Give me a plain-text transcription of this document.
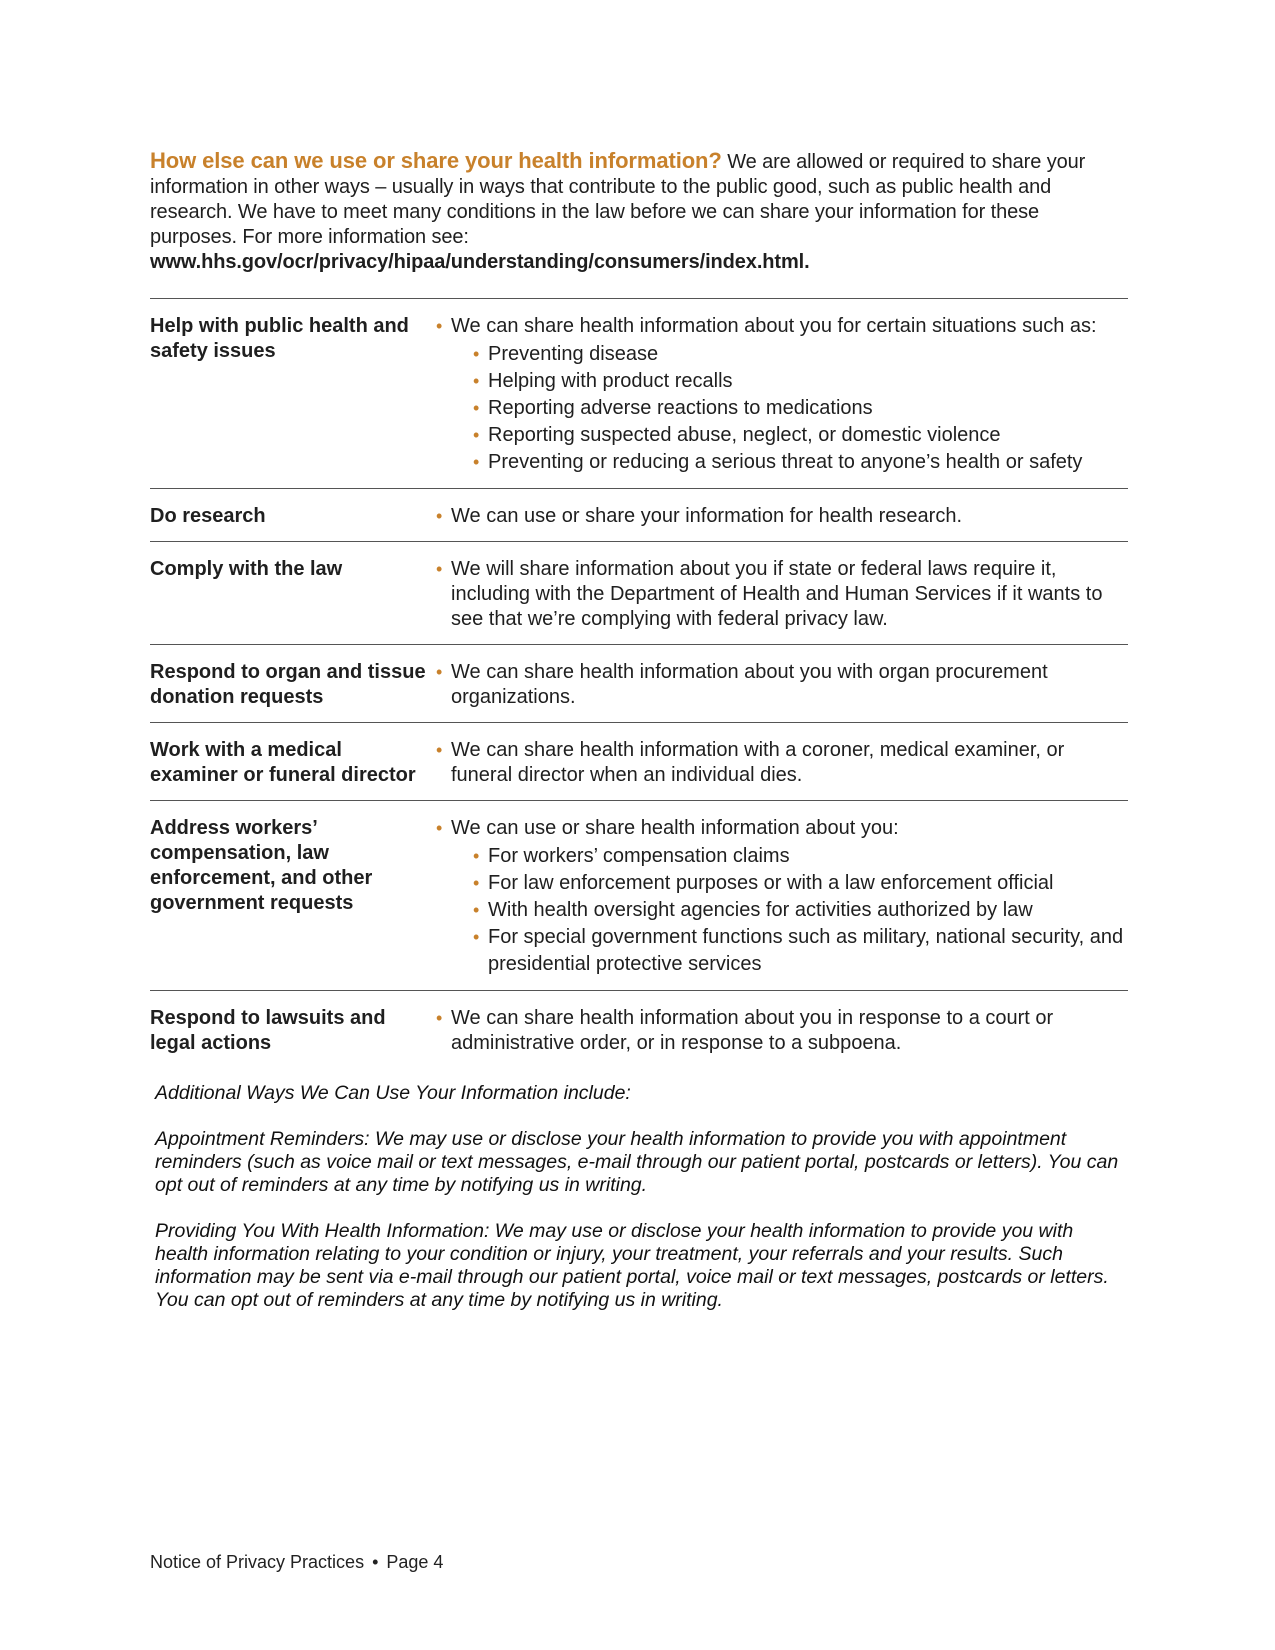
How else can we use or share your health information? We are allowed or required to share your information in other ways – usually in ways that contribute to the public good, such as public health and research. We have to meet many conditions in the law before we can share your information for these purposes. For more information see: www.hhs.gov/ocr/privacy/hipaa/understanding/consumers/index.html.

Help with public health and safety issues
• We can share health information about you for certain situations such as:
• Preventing disease
• Helping with product recalls
• Reporting adverse reactions to medications
• Reporting suspected abuse, neglect, or domestic violence
• Preventing or reducing a serious threat to anyone’s health or safety
Do research	• We can use or share your information for health research.
Comply with the law	• We will share information about you if state or federal laws require it, including with the Department of Health and Human Services if it wants to see that we’re complying with federal privacy law.
Respond to organ and tissue donation requests
• We can share health information about you with organ procurement organizations.
Work with a medical examiner or funeral director
• We can share health information with a coroner, medical examiner, or funeral director when an individual dies.
Address workers’ compensation, law enforcement, and other government requests
• We can use or share health information about you:
• For workers’ compensation claims
• For law enforcement purposes or with a law enforcement official
• With health oversight agencies for activities authorized by law
• For special government functions such as military, national security, and presidential protective services
Respond to lawsuits and legal actions
• We can share health information about you in response to a court or administrative order, or in response to a subpoena.

Additional Ways We Can Use Your Information include:

Appointment Reminders: We may use or disclose your health information to provide you with appointment reminders (such as voice mail or text messages, e-mail through our patient portal, postcards or letters). You can opt out of reminders at any time by notifying us in writing.

Providing You With Health Information: We may use or disclose your health information to provide you with health information relating to your condition or injury, your treatment, your referrals and your results. Such information may be sent via e-mail through our patient portal, voice mail or text messages, postcards or letters. You can opt out of reminders at any time by notifying us in writing.

Notice of Privacy Practices • Page 4
